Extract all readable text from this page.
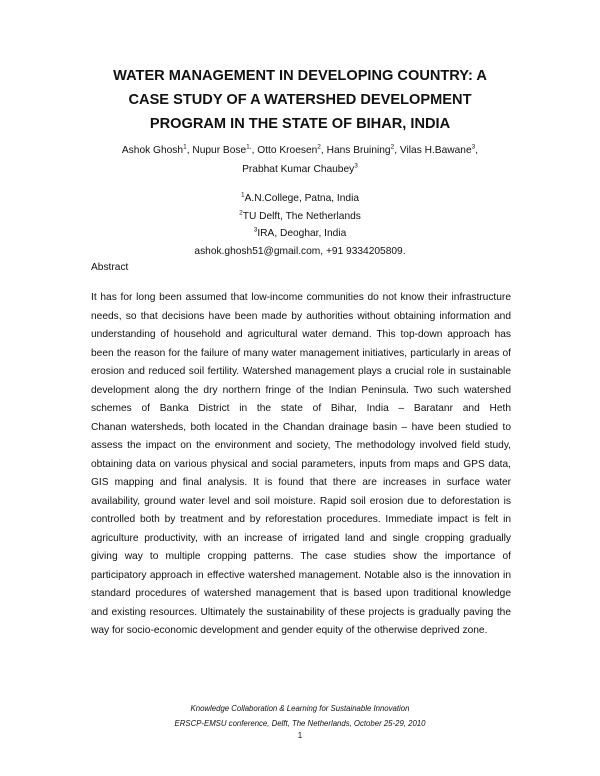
WATER MANAGEMENT IN DEVELOPING COUNTRY: A
CASE STUDY OF A WATERSHED DEVELOPMENT
PROGRAM IN THE STATE OF BIHAR, INDIA
Ashok Ghosh$^1$, Nupur Bose$^{1,}$, Otto Kroesen$^2$, Hans Bruining$^2$, Vilas H.Bawane$^3$,
Prabhat Kumar Chaubey$^3$
$^1$A.N.College, Patna, India
$^2$TU Delft, The Netherlands
$^3$IRA, Deoghar, India
ashok.ghosh51@gmail.com, +91 9334205809.
Abstract
It has for long been assumed that low-income communities do not know their infrastructure
needs, so that decisions have been made by authorities without obtaining information and
understanding of household and agricultural water demand. This top-down approach has
been the reason for the failure of many water management initiatives, particularly in areas of
erosion and reduced soil fertility. Watershed management plays a crucial role in sustainable
development along the dry northern fringe of the Indian Peninsula. Two such watershed
schemes of Banka District in the state of Bihar, India – Baratanr and Heth
Chanan watersheds, both located in the Chandan drainage basin – have been studied to
assess the impact on the environment and society, The methodology involved field study,
obtaining data on various physical and social parameters, inputs from maps and GPS data,
GIS mapping and final analysis. It is found that there are increases in surface water
availability, ground water level and soil moisture. Rapid soil erosion due to deforestation is
controlled both by treatment and by reforestation procedures. Immediate impact is felt in
agriculture productivity, with an increase of irrigated land and single cropping gradually
giving way to multiple cropping patterns. The case studies show the importance of
participatory approach in effective watershed management. Notable also is the innovation in
standard procedures of watershed management that is based upon traditional knowledge
and existing resources. Ultimately the sustainability of these projects is gradually paving the
way for socio-economic development and gender equity of the otherwise deprived zone.
Knowledge Collaboration & Learning for Sustainable Innovation
ERSCP-EMSU conference, Delft, The Netherlands, October 25-29, 2010
1
